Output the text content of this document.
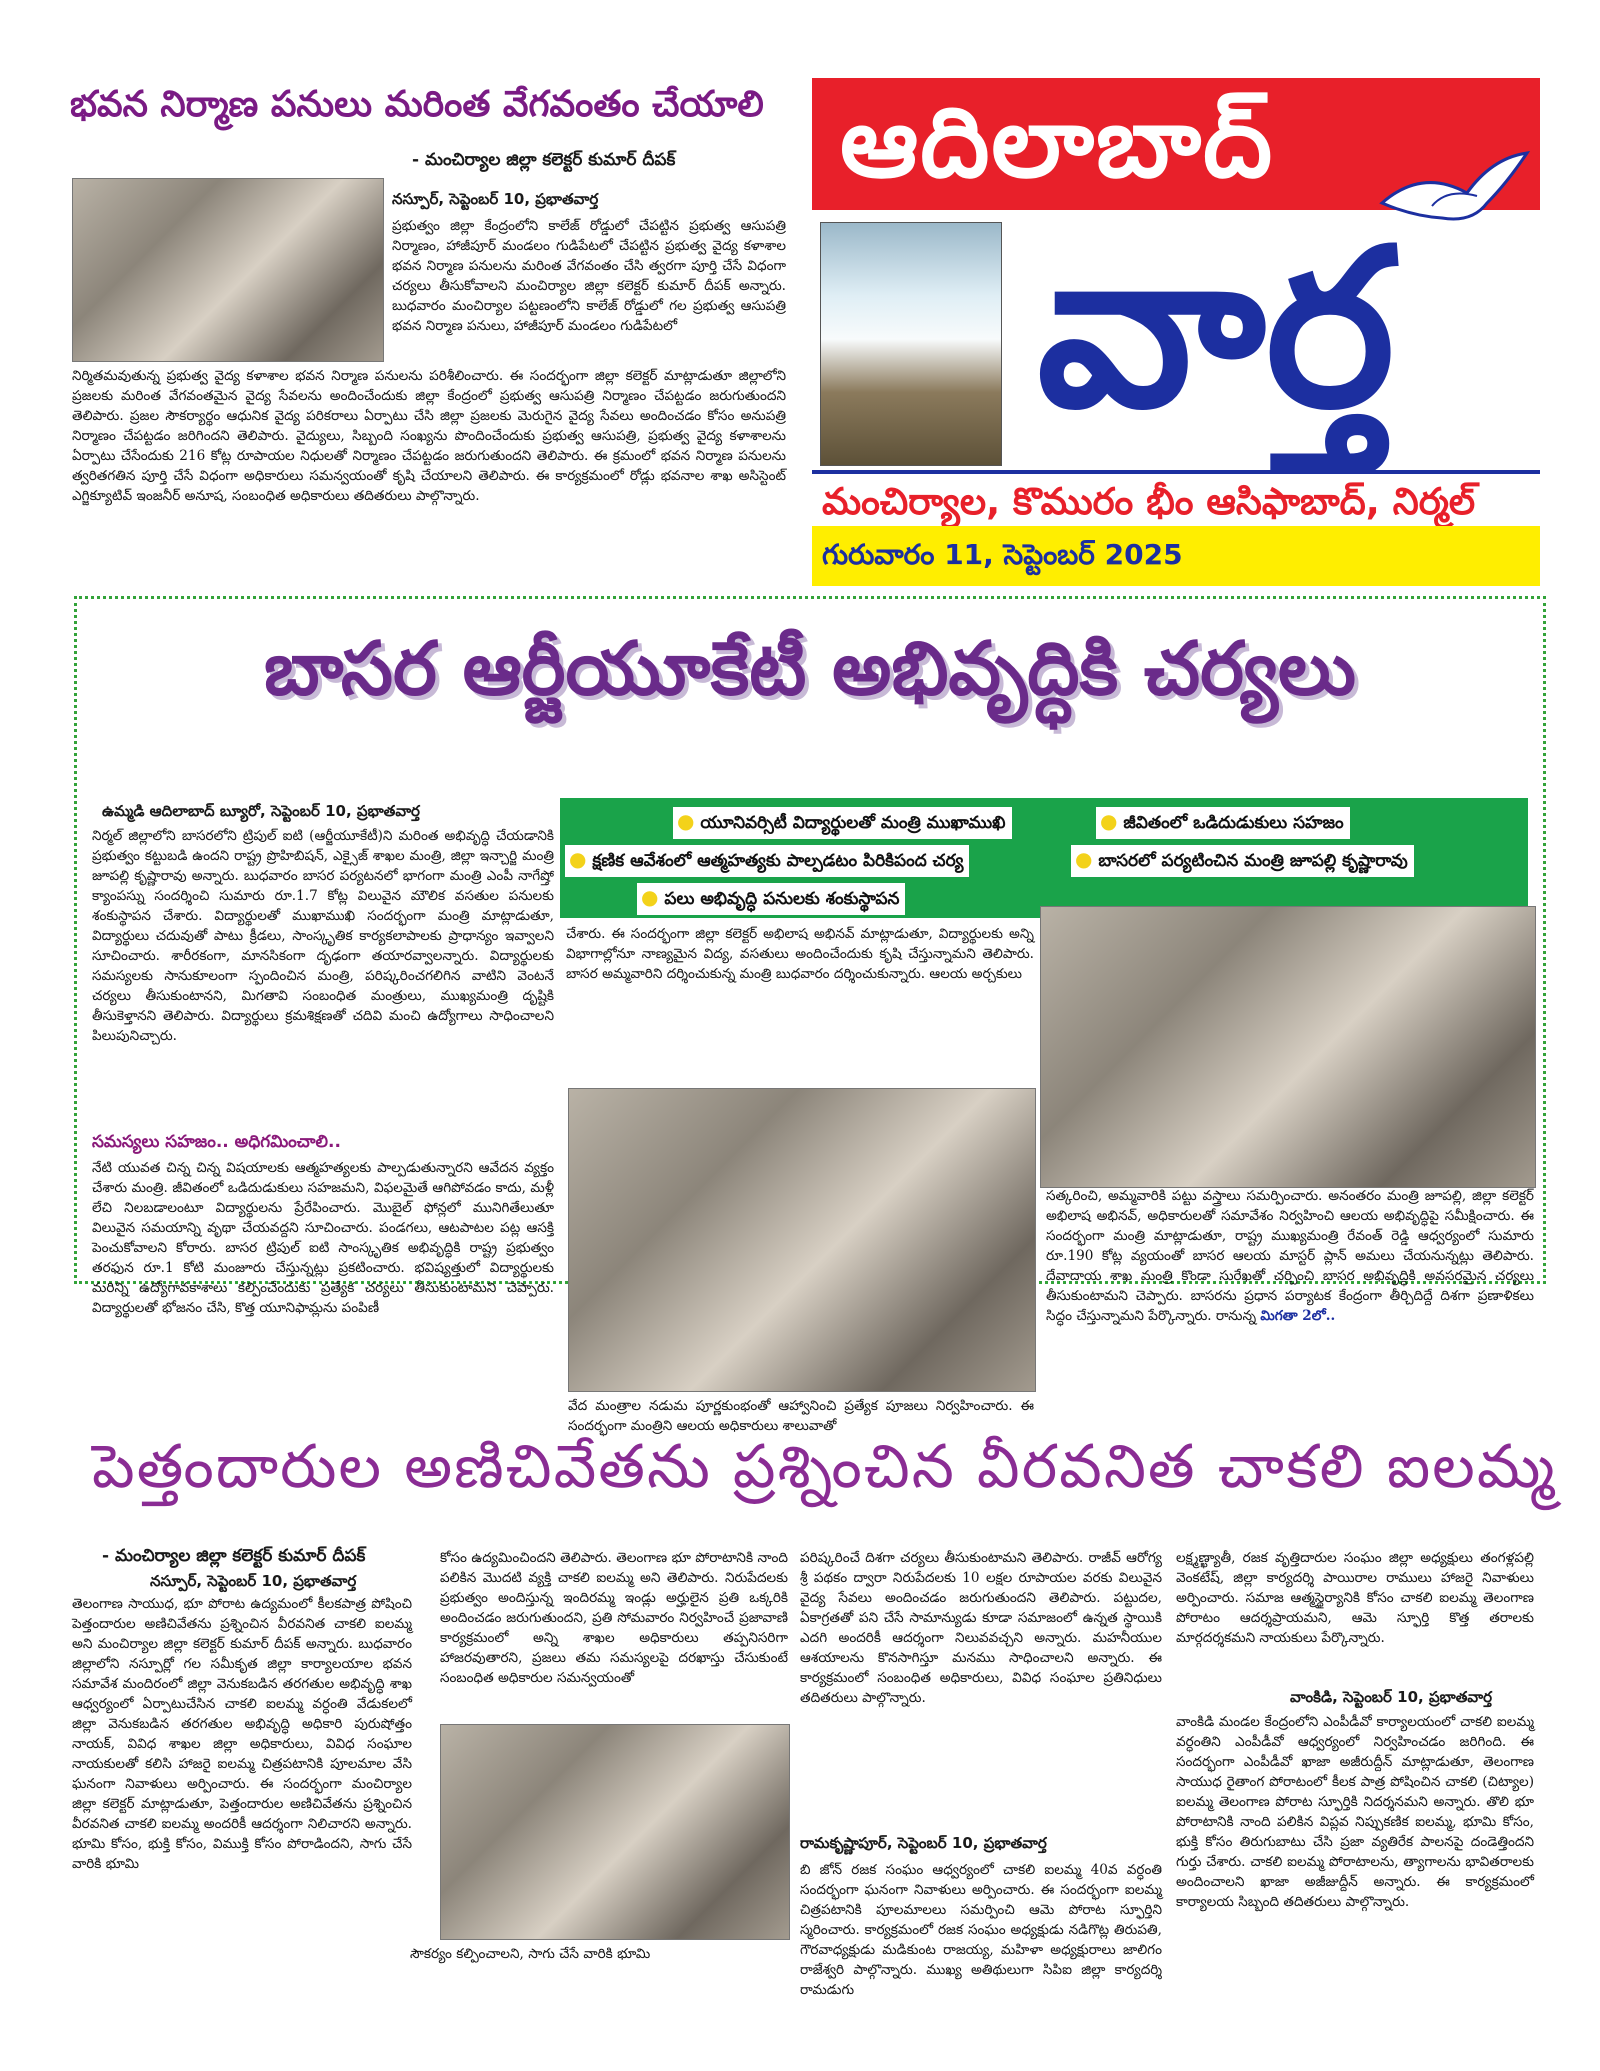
భవన నిర్మాణ పనులు మరింత వేగవంతం చేయాలి
- మంచిర్యాల జిల్లా కలెక్టర్ కుమార్ దీపక్

నస్పూర్, సెప్టెంబర్ 10, ప్రభాతవార్త

ప్రభుత్వం జిల్లా కేంద్రంలోని కాలేజ్ రోడ్డులో చేపట్టిన ప్రభుత్వ ఆసుపత్రి నిర్మాణం, హాజీపూర్ మండలం గుడిపేటలో చేపట్టిన ప్రభుత్వ వైద్య కళాశాల భవన నిర్మాణ పనులను మరింత వేగవంతం చేసి త్వరగా పూర్తి చేసే విధంగా చర్యలు తీసుకోవాలని మంచిర్యాల జిల్లా కలెక్టర్ కుమార్ దీపక్ అన్నారు. బుధవారం మంచిర్యాల పట్టణంలోని కాలేజ్ రోడ్డులో గల ప్రభుత్వ ఆసుపత్రి భవన నిర్మాణ పనులు, హాజీపూర్ మండలం గుడిపేటలో

నిర్మితమవుతున్న ప్రభుత్వ వైద్య కళాశాల భవన నిర్మాణ పనులను పరిశీలించారు. ఈ సందర్భంగా జిల్లా కలెక్టర్ మాట్లాడుతూ జిల్లాలోని ప్రజలకు మరింత వేగవంతమైన వైద్య సేవలను అందించేందుకు జిల్లా కేంద్రంలో ప్రభుత్వ ఆసుపత్రి నిర్మాణం చేపట్టడం జరుగుతుందని తెలిపారు. ప్రజల సౌకర్యార్థం ఆధునిక వైద్య పరికరాలు ఏర్పాటు చేసి జిల్లా ప్రజలకు మెరుగైన వైద్య సేవలు అందించడం కోసం అనుపత్రి నిర్మాణం చేపట్టడం జరిగిందని తెలిపారు. వైద్యులు, సిబ్బంది సంఖ్యను పొందించేందుకు ప్రభుత్వ ఆసుపత్రి, ప్రభుత్వ వైద్య కళాశాలను ఏర్పాటు చేసేందుకు 216 కోట్ల రూపాయల నిధులతో నిర్మాణం చేపట్టడం జరుగుతుందని తెలిపారు. ఈ క్రమంలో భవన నిర్మాణ పనులను త్వరితగతిన పూర్తి చేసే విధంగా అధికారులు సమన్వయంతో కృషి చేయాలని తెలిపారు. ఈ కార్యక్రమంలో రోడ్లు భవనాల శాఖ అసిస్టెంట్ ఎగ్జిక్యూటివ్ ఇంజనీర్ అనూష, సంబంధిత అధికారులు తదితరులు పాల్గొన్నారు.

ఆదిలాబాద్
వార్త
మంచిర్యాల, కొమురం భీం ఆసిఫాబాద్, నిర్మల్
గురువారం 11, సెప్టెంబర్ 2025
బాసర ఆర్జీయూకేటీ అభివృద్ధికి చర్యలు

ఉమ్మడి ఆదిలాబాద్ బ్యూరో, సెప్టెంబర్ 10, ప్రభాతవార్త

నిర్మల్ జిల్లాలోని బాసరలోని ట్రిపుల్ ఐటి (ఆర్జీయూకేటీ)ని మరింత అభివృద్ధి చేయడానికి ప్రభుత్వం కట్టుబడి ఉందని రాష్ట్ర ప్రొహిబిషన్, ఎక్సైజ్ శాఖల మంత్రి, జిల్లా ఇన్చార్జి మంత్రి జూపల్లి కృష్ణారావు అన్నారు. బుధవారం బాసర పర్యటనలో భాగంగా మంత్రి ఎంపీ నాగేష్తో క్యాంపస్ను సందర్శించి సుమారు రూ.1.7 కోట్ల విలువైన మౌలిక వసతుల పనులకు శంకుస్థాపన చేశారు. విద్యార్థులతో ముఖాముఖి సందర్భంగా మంత్రి మాట్లాడుతూ, విద్యార్థులు చదువుతో పాటు క్రీడలు, సాంస్కృతిక కార్యకలాపాలకు ప్రాధాన్యం ఇవ్వాలని సూచించారు. శారీరకంగా, మానసికంగా దృఢంగా తయారవ్వాలన్నారు. విద్యార్థులకు సమస్యలకు సానుకూలంగా స్పందించిన మంత్రి, పరిష్కరించగలిగిన వాటిని వెంటనే చర్యలు తీసుకుంటానని, మిగతావి సంబంధిత మంత్రులు, ముఖ్యమంత్రి దృష్టికి తీసుకెళ్తానని తెలిపారు. విద్యార్థులు క్రమశిక్షణతో చదివి మంచి ఉద్యోగాలు సాధించాలని పిలుపునిచ్చారు.

సమస్యలు సహజం.. అధిగమించాలి..

నేటి యువత చిన్న చిన్న విషయాలకు ఆత్మహత్యలకు పాల్పడుతున్నారని ఆవేదన వ్యక్తం చేశారు మంత్రి. జీవితంలో ఒడిదుడుకులు సహజమని, విఫలమైతే ఆగిపోవడం కాదు, మళ్లీ లేచి నిలబడాలంటూ విద్యార్థులను ప్రేరేపించారు. మొబైల్ ఫోన్లలో మునిగితేలుతూ విలువైన సమయాన్ని వృథా చేయవద్దని సూచించారు. పండగలు, ఆటపాటల పట్ల ఆసక్తి పెంచుకోవాలని కోరారు. బాసర ట్రిపుల్ ఐటి సాంస్కృతిక అభివృద్ధికి రాష్ట్ర ప్రభుత్వం తరఫున రూ.1 కోటి మంజూరు చేస్తున్నట్లు ప్రకటించారు. భవిష్యత్తులో విద్యార్థులకు మరిన్ని ఉద్యోగావకాశాలు కల్పించేందుకు ప్రత్యేక చర్యలు తీసుకుంటామని చెప్పారు. విద్యార్థులతో భోజనం చేసి, కొత్త యూనిఫామ్లను పంపిణీ

● యూనివర్సిటీ విద్యార్థులతో మంత్రి ముఖాముఖి	● జీవితంలో ఒడిదుడుకులు సహజం
● క్షణిక ఆవేశంలో ఆత్మహత్యకు పాల్పడటం పిరికిపంద చర్య	● బాసరలో పర్యటించిన మంత్రి జూపల్లి కృష్ణారావు
● పలు అభివృద్ధి పనులకు శంకుస్థాపన

చేశారు. ఈ సందర్భంగా జిల్లా కలెక్టర్ అభిలాష అభినవ్ మాట్లాడుతూ, విద్యార్థులకు అన్ని విభాగాల్లోనూ నాణ్యమైన విద్య, వసతులు అందించేందుకు కృషి చేస్తున్నామని తెలిపారు. బాసర అమ్మవారిని దర్శించుకున్న మంత్రి బుధవారం దర్శించుకున్నారు. ఆలయ అర్చకులు

వేద మంత్రాల నడుమ పూర్ణకుంభంతో ఆహ్వానించి ప్రత్యేక పూజలు నిర్వహించారు. ఈ సందర్భంగా మంత్రిని ఆలయ అధికారులు శాలువాతో

సత్కరించి, అమ్మవారికి పట్టు వస్త్రాలు సమర్పించారు. అనంతరం మంత్రి జూపల్లి, జిల్లా కలెక్టర్ అభిలాష అభినవ్, అధికారులతో సమావేశం నిర్వహించి ఆలయ అభివృద్ధిపై సమీక్షించారు. ఈ సందర్భంగా మంత్రి మాట్లాడుతూ, రాష్ట్ర ముఖ్యమంత్రి రేవంత్ రెడ్డి ఆధ్వర్యంలో సుమారు రూ.190 కోట్ల వ్యయంతో బాసర ఆలయ మాస్టర్ ప్లాన్ అమలు చేయనున్నట్లు తెలిపారు. దేవాదాయ శాఖ మంత్రి కొండా సురేఖతో చర్చించి బాసర అభివృద్ధికి అవసరమైన చర్యలు తీసుకుంటామని చెప్పారు. బాసరను ప్రధాన పర్యాటక కేంద్రంగా తీర్చిదిద్దే దిశగా ప్రణాళికలు సిద్ధం చేస్తున్నామని పేర్కొన్నారు. రానున్న మిగతా 2లో..

పెత్తందారుల అణిచివేతను ప్రశ్నించిన వీరవనిత చాకలి ఐలమ్మ
- మంచిర్యాల జిల్లా కలెక్టర్ కుమార్ దీపక్

నస్పూర్, సెప్టెంబర్ 10, ప్రభాతవార్త

తెలంగాణ సాయుధ, భూ పోరాట ఉద్యమంలో కీలకపాత్ర పోషించి పెత్తందారుల అణిచివేతను ప్రశ్నించిన వీరవనిత చాకలి ఐలమ్మ అని మంచిర్యాల జిల్లా కలెక్టర్ కుమార్ దీపక్ అన్నారు. బుధవారం జిల్లాలోని నస్పూర్లో గల సమీకృత జిల్లా కార్యాలయాల భవన సమావేశ మందిరంలో జిల్లా వెనుకబడిన తరగతుల అభివృద్ధి శాఖ ఆధ్వర్యంలో ఏర్పాటుచేసిన చాకలి ఐలమ్మ వర్ధంతి వేడుకలలో జిల్లా వెనుకబడిన తరగతుల అభివృద్ధి అధికారి పురుషోత్తం నాయక్, వివిధ శాఖల జిల్లా అధికారులు, వివిధ సంఘాల నాయకులతో కలిసి హాజరై ఐలమ్మ చిత్రపటానికి పూలమాల వేసి ఘనంగా నివాళులు అర్పించారు. ఈ సందర్భంగా మంచిర్యాల జిల్లా కలెక్టర్ మాట్లాడుతూ, పెత్తందారుల అణిచివేతను ప్రశ్నించిన వీరవనిత చాకలి ఐలమ్మ అందరికీ ఆదర్శంగా నిలిచారని అన్నారు. భూమి కోసం, భుక్తి కోసం, విముక్తి కోసం పోరాడిందని, సాగు చేసే వారికి భూమి

కోసం ఉద్యమించిందని తెలిపారు. తెలంగాణ భూ పోరాటానికి నాంది పలికిన మొదటి వ్యక్తి చాకలి ఐలమ్మ అని తెలిపారు. నిరుపేదలకు ప్రభుత్వం అందిస్తున్న ఇందిరమ్మ ఇండ్లు అర్హులైన ప్రతి ఒక్కరికి అందించడం జరుగుతుందని, ప్రతి సోమవారం నిర్వహించే ప్రజావాణి కార్యక్రమంలో అన్ని శాఖల అధికారులు తప్పనిసరిగా హాజరవుతారని, ప్రజలు తమ సమస్యలపై దరఖాస్తు చేసుకుంటే సంబంధిత అధికారుల సమన్వయంతో

సౌకర్యం కల్పించాలని, సాగు చేసే వారికి భూమి

పరిష్కరించే దిశగా చర్యలు తీసుకుంటామని తెలిపారు. రాజీవ్ ఆరోగ్య శ్రీ పథకం ద్వారా నిరుపేదలకు 10 లక్షల రూపాయల వరకు విలువైన వైద్య సేవలు అందించడం జరుగుతుందని తెలిపారు. పట్టుదల, ఏకాగ్రతతో పని చేసే సామాన్యుడు కూడా సమాజంలో ఉన్నత స్థాయికి ఎదగి అందరికీ ఆదర్శంగా నిలువవచ్చని అన్నారు. మహనీయుల ఆశయాలను కొనసాగిస్తూ మనము సాధించాలని అన్నారు. ఈ కార్యక్రమంలో సంబంధిత అధికారులు, వివిధ సంఘాల ప్రతినిధులు తదితరులు పాల్గొన్నారు.

రామకృష్ణాపూర్, సెప్టెంబర్ 10, ప్రభాతవార్త

బి జోన్ రజక సంఘం ఆధ్వర్యంలో చాకలి ఐలమ్మ 40వ వర్ధంతి సందర్భంగా ఘనంగా నివాళులు అర్పించారు. ఈ సందర్భంగా ఐలమ్మ చిత్రపటానికి పూలమాలలు సమర్పించి ఆమె పోరాట స్ఫూర్తిని స్మరించారు. కార్యక్రమంలో రజక సంఘం అధ్యక్షుడు నడిగొట్ల తిరుపతి, గౌరవాధ్యక్షుడు మడికుంట రాజయ్య, మహిళా అధ్యక్షురాలు జాలిగం రాజేశ్వరి పాల్గొన్నారు. ముఖ్య అతిథులుగా సిపిఐ జిల్లా కార్యదర్శి రామడుగు

లక్ష్మణ్ఖ్యాతీ, రజక వృత్తిదారుల సంఘం జిల్లా అధ్యక్షులు తంగళ్లపల్లి వెంకటేష్, జిల్లా కార్యదర్శి పాయిరాల రాములు హాజరై నివాళులు అర్పించారు. సమాజ ఆత్మస్థైర్యానికి కోసం చాకలి ఐలమ్మ తెలంగాణ పోరాటం ఆదర్శప్రాయమని, ఆమె స్ఫూర్తి కొత్త తరాలకు మార్గదర్శకమని నాయకులు పేర్కొన్నారు.

వాంకిడి, సెప్టెంబర్ 10, ప్రభాతవార్త

వాంకిడి మండల కేంద్రంలోని ఎంపీడీవో కార్యాలయంలో చాకలి ఐలమ్మ వర్ధంతిని ఎంపీడీవో ఆధ్వర్యంలో నిర్వహించడం జరిగింది. ఈ సందర్భంగా ఎంపీడీవో ఖాజా అజీరుద్దీన్ మాట్లాడుతూ, తెలంగాణ సాయుధ రైతాంగ పోరాటంలో కీలక పాత్ర పోషించిన చాకలి (చిట్యాల) ఐలమ్మ తెలంగాణ పోరాట స్ఫూర్తికి నిదర్శనమని అన్నారు. తొలి భూ పోరాటానికి నాంది పలికిన విప్లవ నిప్పుకణిక ఐలమ్మ, భూమి కోసం, భుక్తి కోసం తిరుగుబాటు చేసి ప్రజా వ్యతిరేక పాలనపై దండెత్తిందని గుర్తు చేశారు. చాకలి ఐలమ్మ పోరాటాలను, త్యాగాలను భావితరాలకు అందించాలని ఖాజా అజీజుద్దీన్ అన్నారు. ఈ కార్యక్రమంలో కార్యాలయ సిబ్బంది తదితరులు పాల్గొన్నారు.
